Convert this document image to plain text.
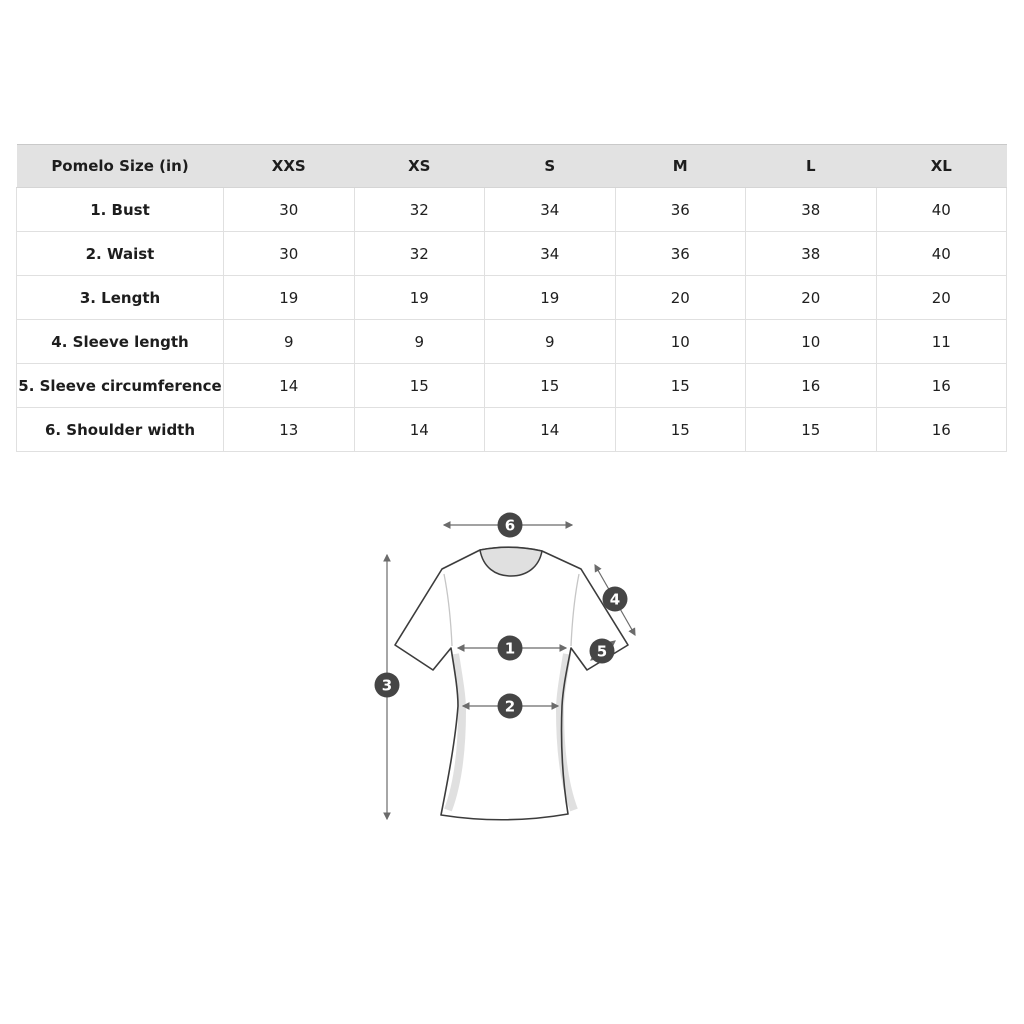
Pomelo Size (in)	XXS	XS	S	M	L	XL
1. Bust	30	32	34	36	38	40
2. Waist	30	32	34	36	38	40
3. Length	19	19	19	20	20	20
4. Sleeve length	9	9	9	10	10	11
5. Sleeve circumference	14	15	15	15	16	16
6. Shoulder width	13	14	14	15	15	16
1
2
3
4
5
6
